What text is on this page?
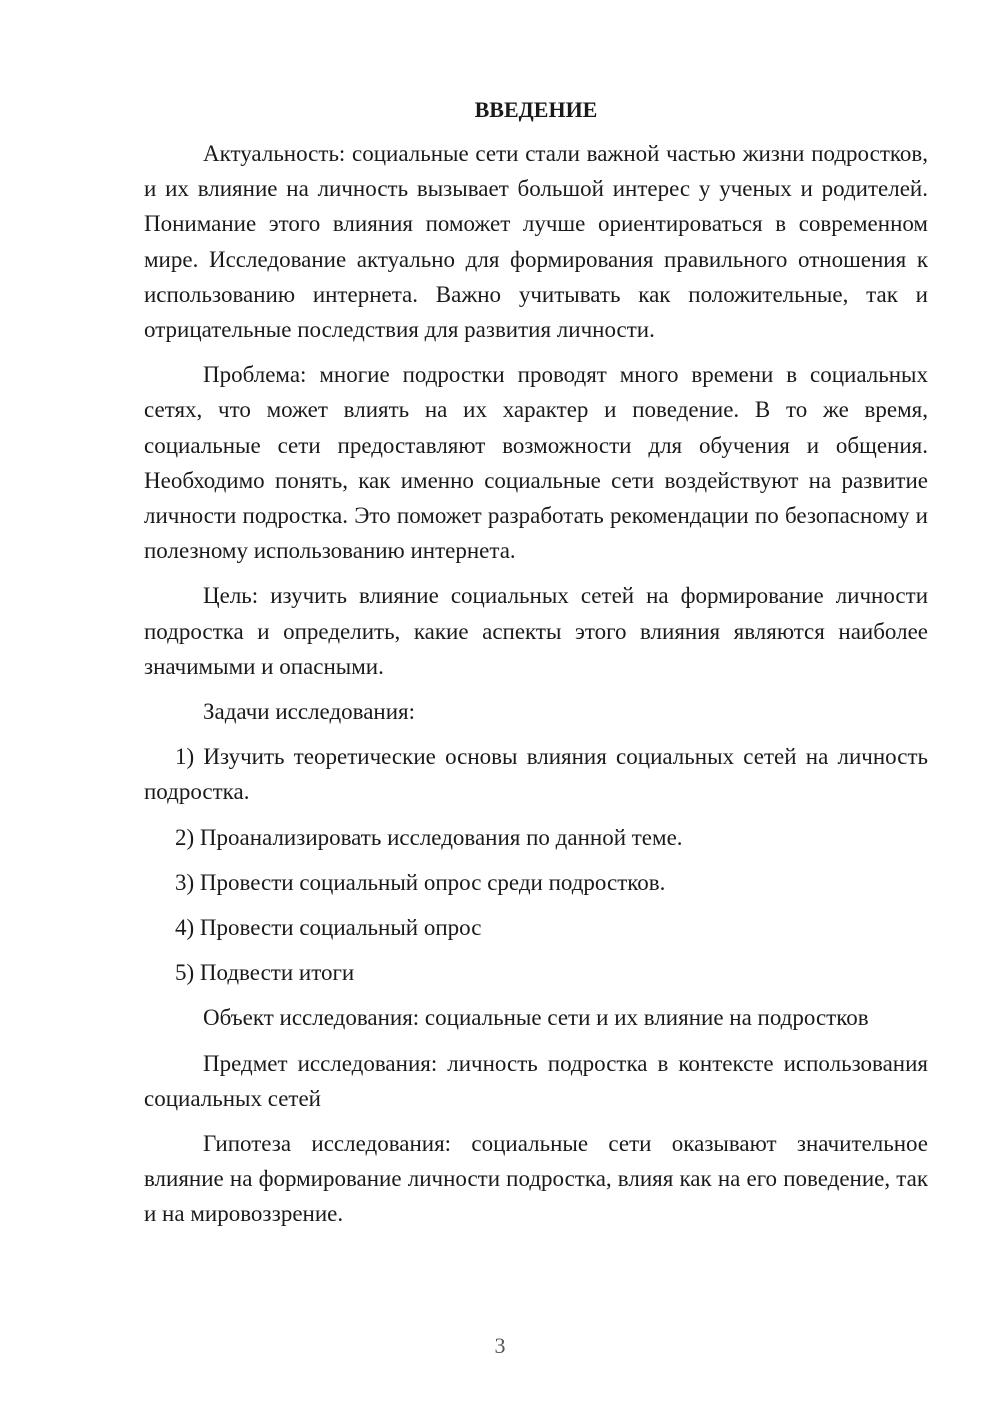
ВВЕДЕНИЕ

Актуальность: социальные сети стали важной частью жизни подростков, и их влияние на личность вызывает большой интерес у ученых и родителей. Понимание этого влияния поможет лучше ориентироваться в современном мире. Исследование актуально для формирования правильного отношения к использованию интернета. Важно учитывать как положительные, так и отрицательные последствия для развития личности.

Проблема: многие подростки проводят много времени в социальных сетях, что может влиять на их характер и поведение. В то же время, социальные сети предоставляют возможности для обучения и общения. Необходимо понять, как именно социальные сети воздействуют на развитие личности подростка. Это поможет разработать рекомендации по безопасному и полезному использованию интернета.

Цель: изучить влияние социальных сетей на формирование личности подростка и определить, какие аспекты этого влияния являются наиболее значимыми и опасными.

Задачи исследования:

1) Изучить теоретические основы влияния социальных сетей на личность подростка.

2) Проанализировать исследования по данной теме.

3) Провести социальный опрос среди подростков.

4) Провести социальный опрос

5) Подвести итоги

Объект исследования: социальные сети и их влияние на подростков

Предмет исследования: личность подростка в контексте использования социальных сетей

Гипотеза исследования: социальные сети оказывают значительное влияние на формирование личности подростка, влияя как на его поведение, так и на мировоззрение.

3
